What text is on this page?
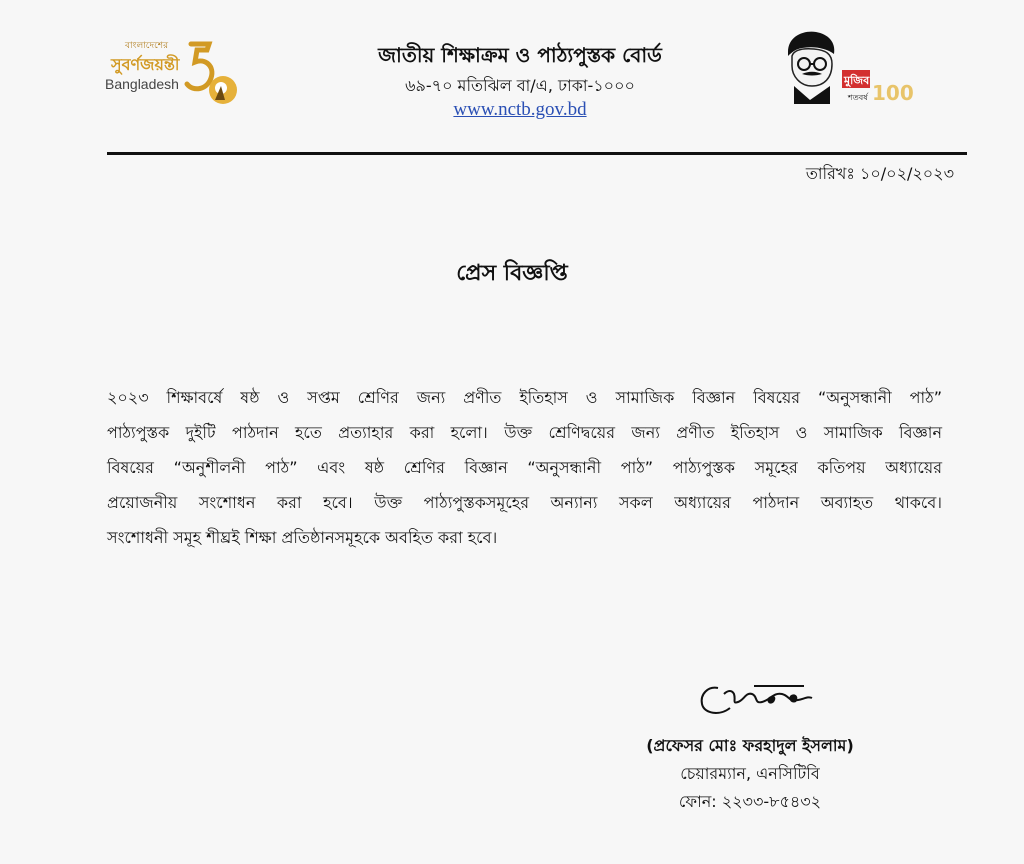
বাংলাদেশের
সুবর্ণজয়ন্তী
Bangladesh
জাতীয় শিক্ষাক্রম ও পাঠ্যপুস্তক বোর্ড
৬৯-৭০ মতিঝিল বা/এ, ঢাকা-১০০০
www.nctb.gov.bd
100
মুজিব
শতবর্ষ
তারিখঃ ১০/০২/২০২৩
প্রেস বিজ্ঞপ্তি
২০২৩ শিক্ষাবর্ষে ষষ্ঠ ও সপ্তম শ্রেণির জন্য প্রণীত ইতিহাস ও সামাজিক বিজ্ঞান বিষয়ের “অনুসন্ধানী পাঠ”
পাঠ্যপুস্তক দুইটি পাঠদান হতে প্রত্যাহার করা হলো। উক্ত শ্রেণিদ্বয়ের জন্য প্রণীত ইতিহাস ও সামাজিক বিজ্ঞান
বিষয়ের “অনুশীলনী পাঠ” এবং ষষ্ঠ শ্রেণির বিজ্ঞান “অনুসন্ধানী পাঠ” পাঠ্যপুস্তক সমূহের কতিপয় অধ্যায়ের
প্রয়োজনীয় সংশোধন করা হবে। উক্ত পাঠ্যপুস্তকসমূহের অন্যান্য সকল অধ্যায়ের পাঠদান অব্যাহত থাকবে।
সংশোধনী সমূহ শীঘ্রই শিক্ষা প্রতিষ্ঠানসমূহকে অবহিত করা হবে।
(প্রফেসর মোঃ ফরহাদুল ইসলাম)
চেয়ারম্যান, এনসিটিবি
ফোন: ২২৩৩-৮৫৪৩২
